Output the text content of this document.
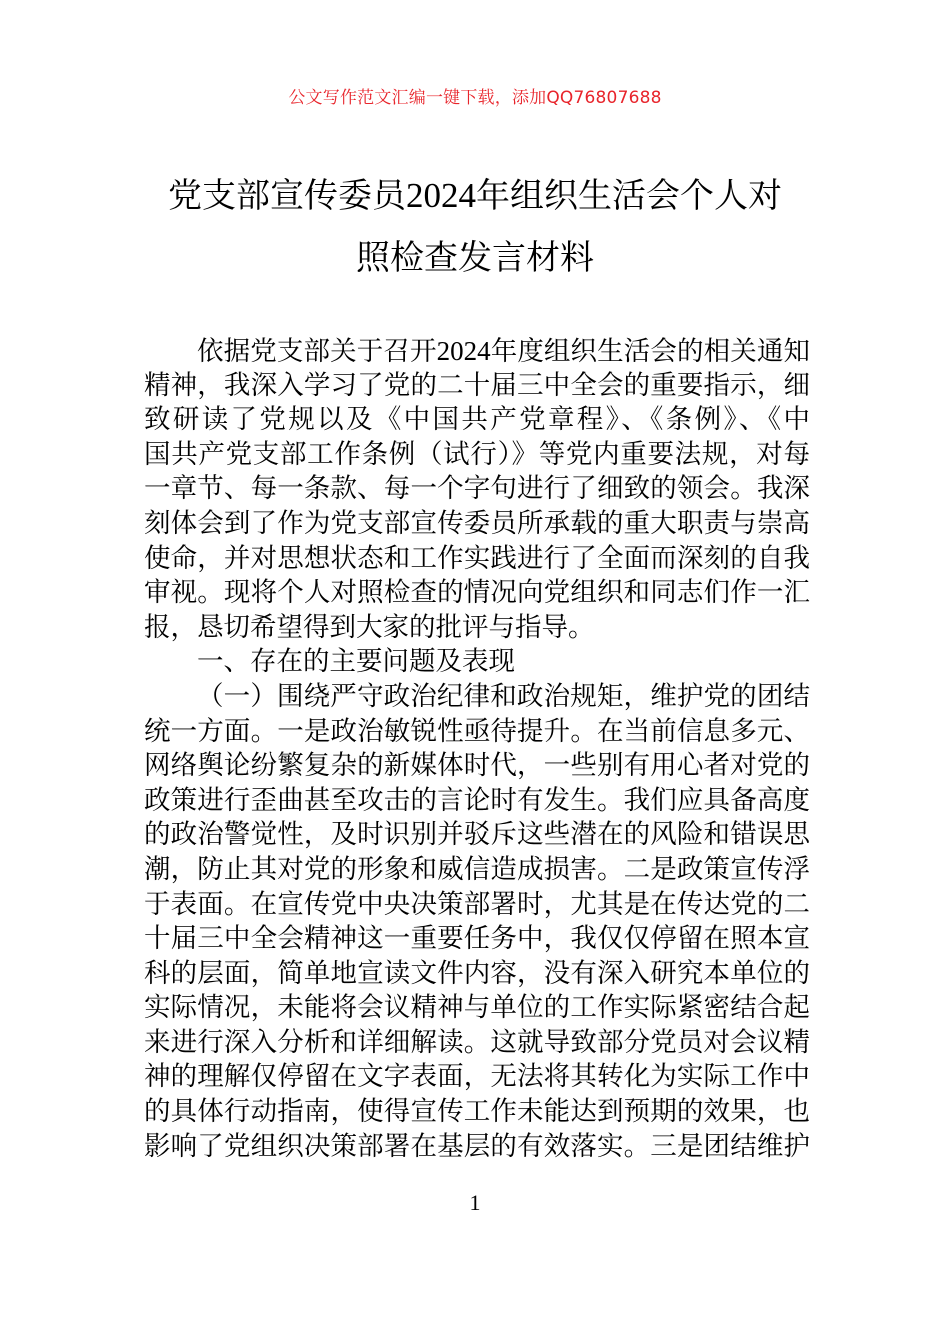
公文写作范文汇编一键下载，添加QQ76807688
党支部宣传委员2024年组织生活会个人对
照检查发言材料
依据党支部关于召开2024年度组织生活会的相关通知
精神，我深入学习了党的二十届三中全会的重要指示，细
致研读了党规以及《中国共产党章程》、《条例》、《中
国共产党支部工作条例（试行）》等党内重要法规，对每
一章节、每一条款、每一个字句进行了细致的领会。我深
刻体会到了作为党支部宣传委员所承载的重大职责与崇高
使命，并对思想状态和工作实践进行了全面而深刻的自我
审视。现将个人对照检查的情况向党组织和同志们作一汇
报，恳切希望得到大家的批评与指导。
一、存在的主要问题及表现
（一）围绕严守政治纪律和政治规矩，维护党的团结
统一方面。一是政治敏锐性亟待提升。在当前信息多元、
网络舆论纷繁复杂的新媒体时代，一些别有用心者对党的
政策进行歪曲甚至攻击的言论时有发生。我们应具备高度
的政治警觉性，及时识别并驳斥这些潜在的风险和错误思
潮，防止其对党的形象和威信造成损害。二是政策宣传浮
于表面。在宣传党中央决策部署时，尤其是在传达党的二
十届三中全会精神这一重要任务中，我仅仅停留在照本宣
科的层面，简单地宣读文件内容，没有深入研究本单位的
实际情况，未能将会议精神与单位的工作实际紧密结合起
来进行深入分析和详细解读。这就导致部分党员对会议精
神的理解仅停留在文字表面，无法将其转化为实际工作中
的具体行动指南，使得宣传工作未能达到预期的效果，也
影响了党组织决策部署在基层的有效落实。三是团结维护
1
